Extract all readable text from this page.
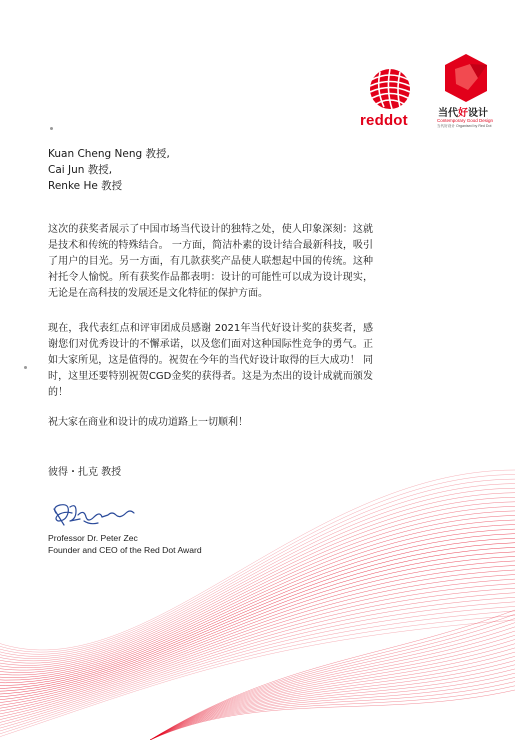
reddot	当代好设计
Contemporary Good Design
当代好设计 Organised by Red Dot
Kuan Cheng Neng 教授,
Cai Jun 教授,
Renke He 教授
这次的获奖者展示了中国市场当代设计的独特之处，使人印象深刻：这就是技术和传统的特殊结合。 一方面，简洁朴素的设计结合最新科技，吸引了用户的目光。另一方面，有几款获奖产品使人联想起中国的传统。这种衬托令人愉悦。所有获奖作品都表明：设计的可能性可以成为设计现实，无论是在高科技的发展还是文化特征的保护方面。
现在，我代表红点和评审团成员感谢 2021年当代好设计奖的获奖者，感谢您们对优秀设计的不懈承诺，以及您们面对这种国际性竞争的勇气。正如大家所见，这是值得的。祝贺在今年的当代好设计取得的巨大成功！ 同时，这里还要特别祝贺CGD金奖的获得者。这是为杰出的设计成就而颁发的！
祝大家在商业和设计的成功道路上一切顺利！
彼得・扎克 教授
Professor Dr. Peter Zec
Founder and CEO of the Red Dot Award
